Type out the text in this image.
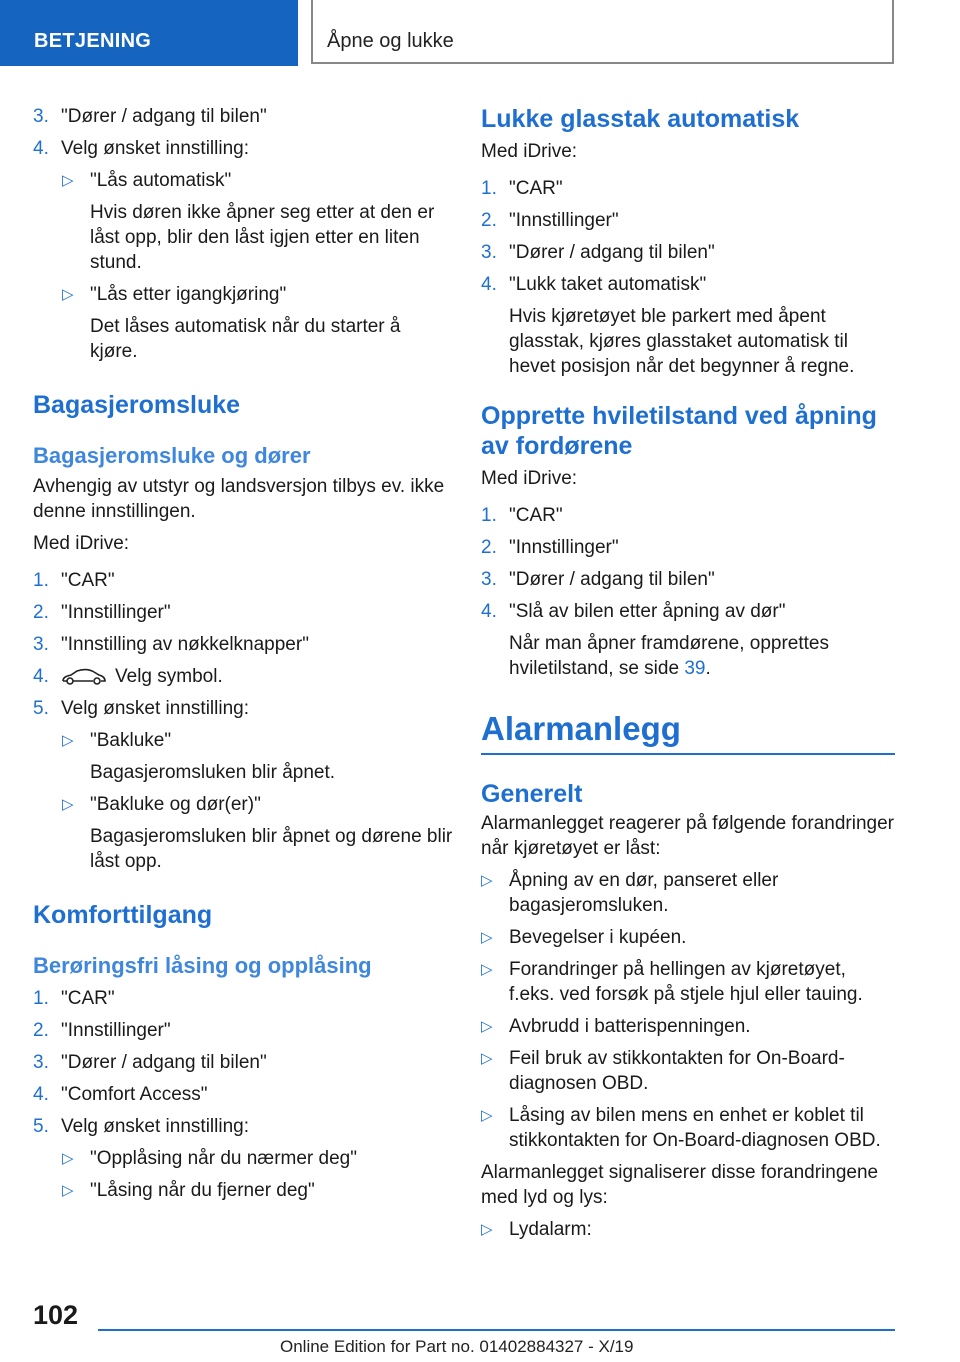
BETJENING	Åpne og lukke

3. "Dører / adgang til bilen"

4. Velg ønsket innstilling:

▷ "Lås automatisk"

Hvis døren ikke åpner seg etter at den er låst opp, blir den låst igjen etter en liten stund.

▷ "Lås etter igangkjøring"

Det låses automatisk når du starter å kjøre.

Bagasjeromsluke

Bagasjeromsluke og dører

Avhengig av utstyr og landsversjon tilbys ev. ikke denne innstillingen.

Med iDrive:

1. "CAR"

2. "Innstillinger"

3. "Innstilling av nøkkelknapper"

4.	Velg symbol.

5. Velg ønsket innstilling:

▷ "Bakluke"

Bagasjeromsluken blir åpnet.

▷ "Bakluke og dør(er)"

Bagasjeromsluken blir åpnet og dørene blir låst opp.

Komforttilgang

Berøringsfri låsing og opplåsing

1. "CAR"

2. "Innstillinger"

3. "Dører / adgang til bilen"

4. "Comfort Access"

5. Velg ønsket innstilling:

▷ "Opplåsing når du nærmer deg"

▷ "Låsing når du fjerner deg"

Lukke glasstak automatisk

Med iDrive:

1. "CAR"

2. "Innstillinger"

3. "Dører / adgang til bilen"

4. "Lukk taket automatisk"

Hvis kjøretøyet ble parkert med åpent glasstak, kjøres glasstaket automatisk til hevet posisjon når det begynner å regne.

Opprette hviletilstand ved åpning av fordørene

Med iDrive:

1. "CAR"

2. "Innstillinger"

3. "Dører / adgang til bilen"

4. "Slå av bilen etter åpning av dør"

Når man åpner framdørene, opprettes hviletilstand, se side 39.

Alarmanlegg

Generelt

Alarmanlegget reagerer på følgende forandringer når kjøretøyet er låst:

▷ Åpning av en dør, panseret eller bagasjeromsluken.

▷ Bevegelser i kupéen.

▷ Forandringer på hellingen av kjøretøyet, f.eks. ved forsøk på stjele hjul eller tauing.

▷ Avbrudd i batterispenningen.

▷ Feil bruk av stikkontakten for On-Board-diagnosen OBD.

▷ Låsing av bilen mens en enhet er koblet til stikkontakten for On-Board-diagnosen OBD.

Alarmanlegget signaliserer disse forandringene med lyd og lys:

▷ Lydalarm:

102
Online Edition for Part no. 01402884327 - X/19
